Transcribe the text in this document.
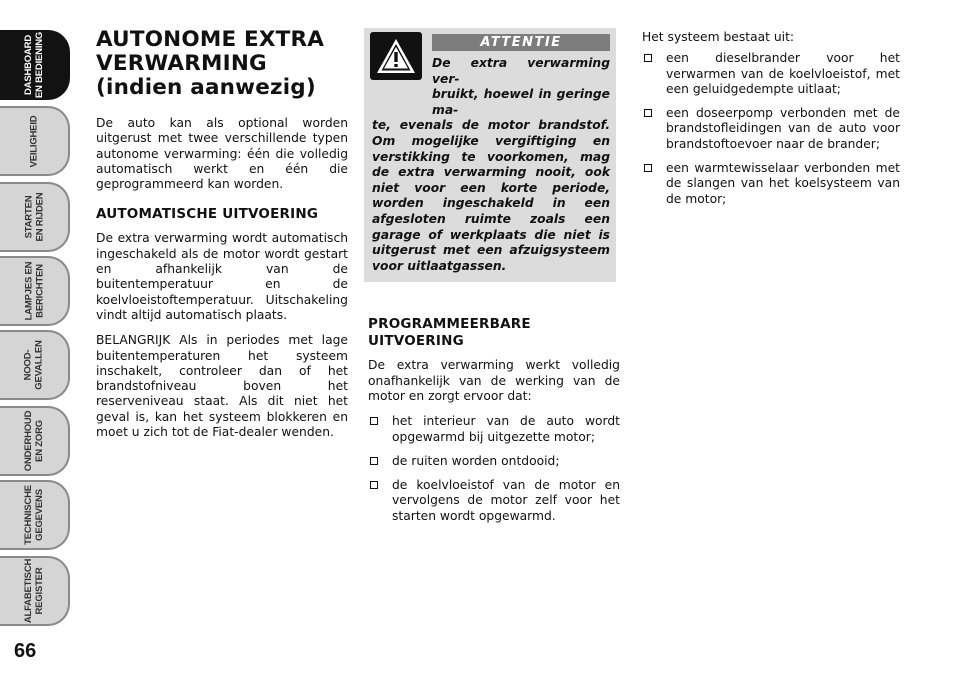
DASHBOARD
EN BEDIENING
VEILIGHEID
STARTEN
EN RIJDEN
LAMPJES EN
BERICHTEN
NOOD-
GEVALLEN
ONDERHOUD
EN ZORG
TECHNISCHE
GEGEVENS
ALFABETISCH
REGISTER
66
AUTONOME EXTRA
VERWARMING
(indien aanwezig)

De auto kan als optional worden uitgerust met twee verschillende typen autonome verwarming: één die volledig automatisch werkt en één die geprogrammeerd kan worden.

AUTOMATISCHE UITVOERING

De extra verwarming wordt automatisch ingeschakeld als de motor wordt gestart en afhankelijk van de buitentemperatuur en de koelvloeistoftemperatuur. Uitschakeling vindt altijd automatisch plaats.

BELANGRIJK Als in periodes met lage buitentemperaturen het systeem inschakelt, controleer dan of het brandstofniveau boven het reserveniveau staat. Als dit niet het geval is, kan het systeem blokkeren en moet u zich tot de Fiat-dealer wenden.

ATTENTIE
De extra verwarming ver-
bruikt, hoewel in geringe ma-
te, evenals de motor brandstof. Om mogelijke vergiftiging en verstikking te voorkomen, mag de extra verwarming nooit, ook niet voor een korte periode, worden ingeschakeld in een afgesloten ruimte zoals een garage of werkplaats die niet is uitgerust met een afzuigsysteem voor uitlaatgassen.
PROGRAMMEERBARE
UITVOERING

De extra verwarming werkt volledig onafhankelijk van de werking van de motor en zorgt ervoor dat:

het interieur van de auto wordt opgewarmd bij uitgezette motor;
de ruiten worden ontdooid;
de koelvloeistof van de motor en vervolgens de motor zelf voor het starten wordt opgewarmd.

Het systeem bestaat uit:

een dieselbrander voor het verwarmen van de koelvloeistof, met een geluidgedempte uitlaat;
een doseerpomp verbonden met de brandstofleidingen van de auto voor brandstoftoevoer naar de brander;
een warmtewisselaar verbonden met de slangen van het koelsysteem van de motor;
